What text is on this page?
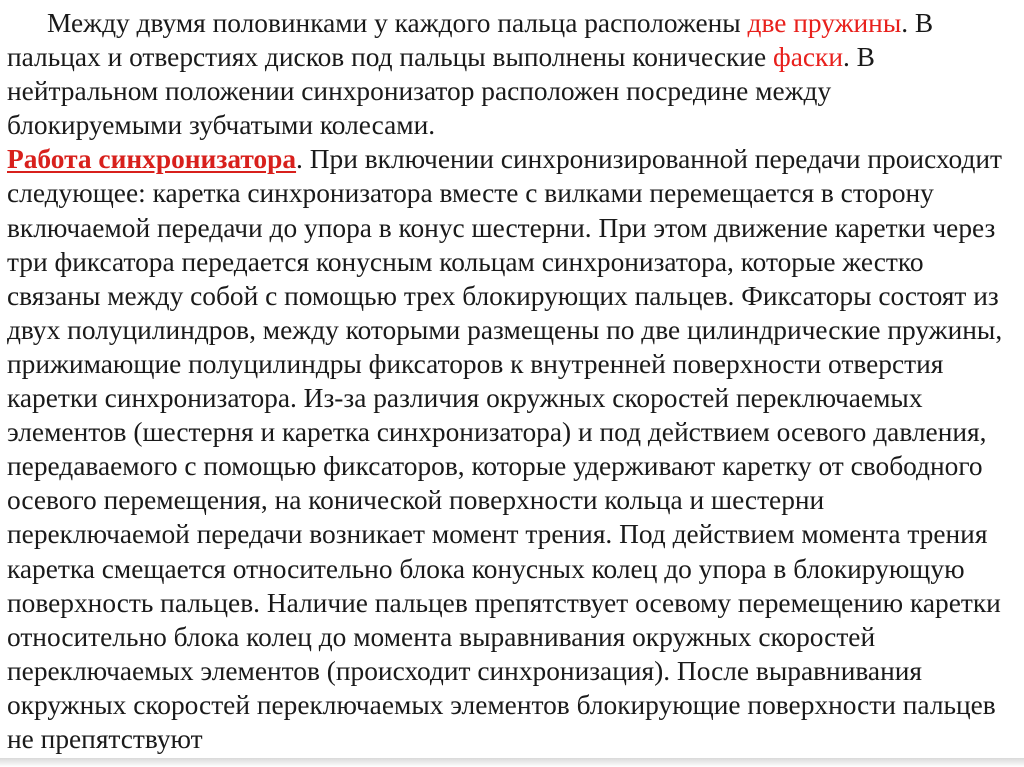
Между двумя половинками у каждого пальца расположены две пружины. В пальцах и отверстиях дисков под пальцы выполнены конические фаски. В нейтральном положении синхронизатор расположен посредине между блокируемыми зубчатыми колесами.

Работа синхронизатора. При включении синхронизированной передачи происходит следующее: каретка синхронизатора вместе с вилками перемещается в сторону включаемой передачи до упора в конус шестерни. При этом движение каретки через три фиксатора передается конусным кольцам синхронизатора, которые жестко связаны между собой с помощью трех блокирующих пальцев. Фиксаторы состоят из двух полуцилиндров, между которыми размещены по две цилиндрические пружины, прижимающие полуцилиндры фиксаторов к внутренней поверхности отверстия каретки синхронизатора. Из-за различия окружных скоростей переключаемых элементов (шестерня и каретка синхронизатора) и под действием осевого давления, передаваемого с помощью фиксаторов, которые удерживают каретку от свободного осевого перемещения, на конической поверхности кольца и шестерни переключаемой передачи возникает момент трения. Под действием момента трения каретка смещается относительно блока конусных колец до упора в блокирующую поверхность пальцев. Наличие пальцев препятствует осевому перемещению каретки относительно блока колец до момента выравнивания окружных скоростей переключаемых элементов (происходит синхронизация). После выравнивания окружных скоростей переключаемых элементов блокирующие поверхности пальцев не препятствуют
